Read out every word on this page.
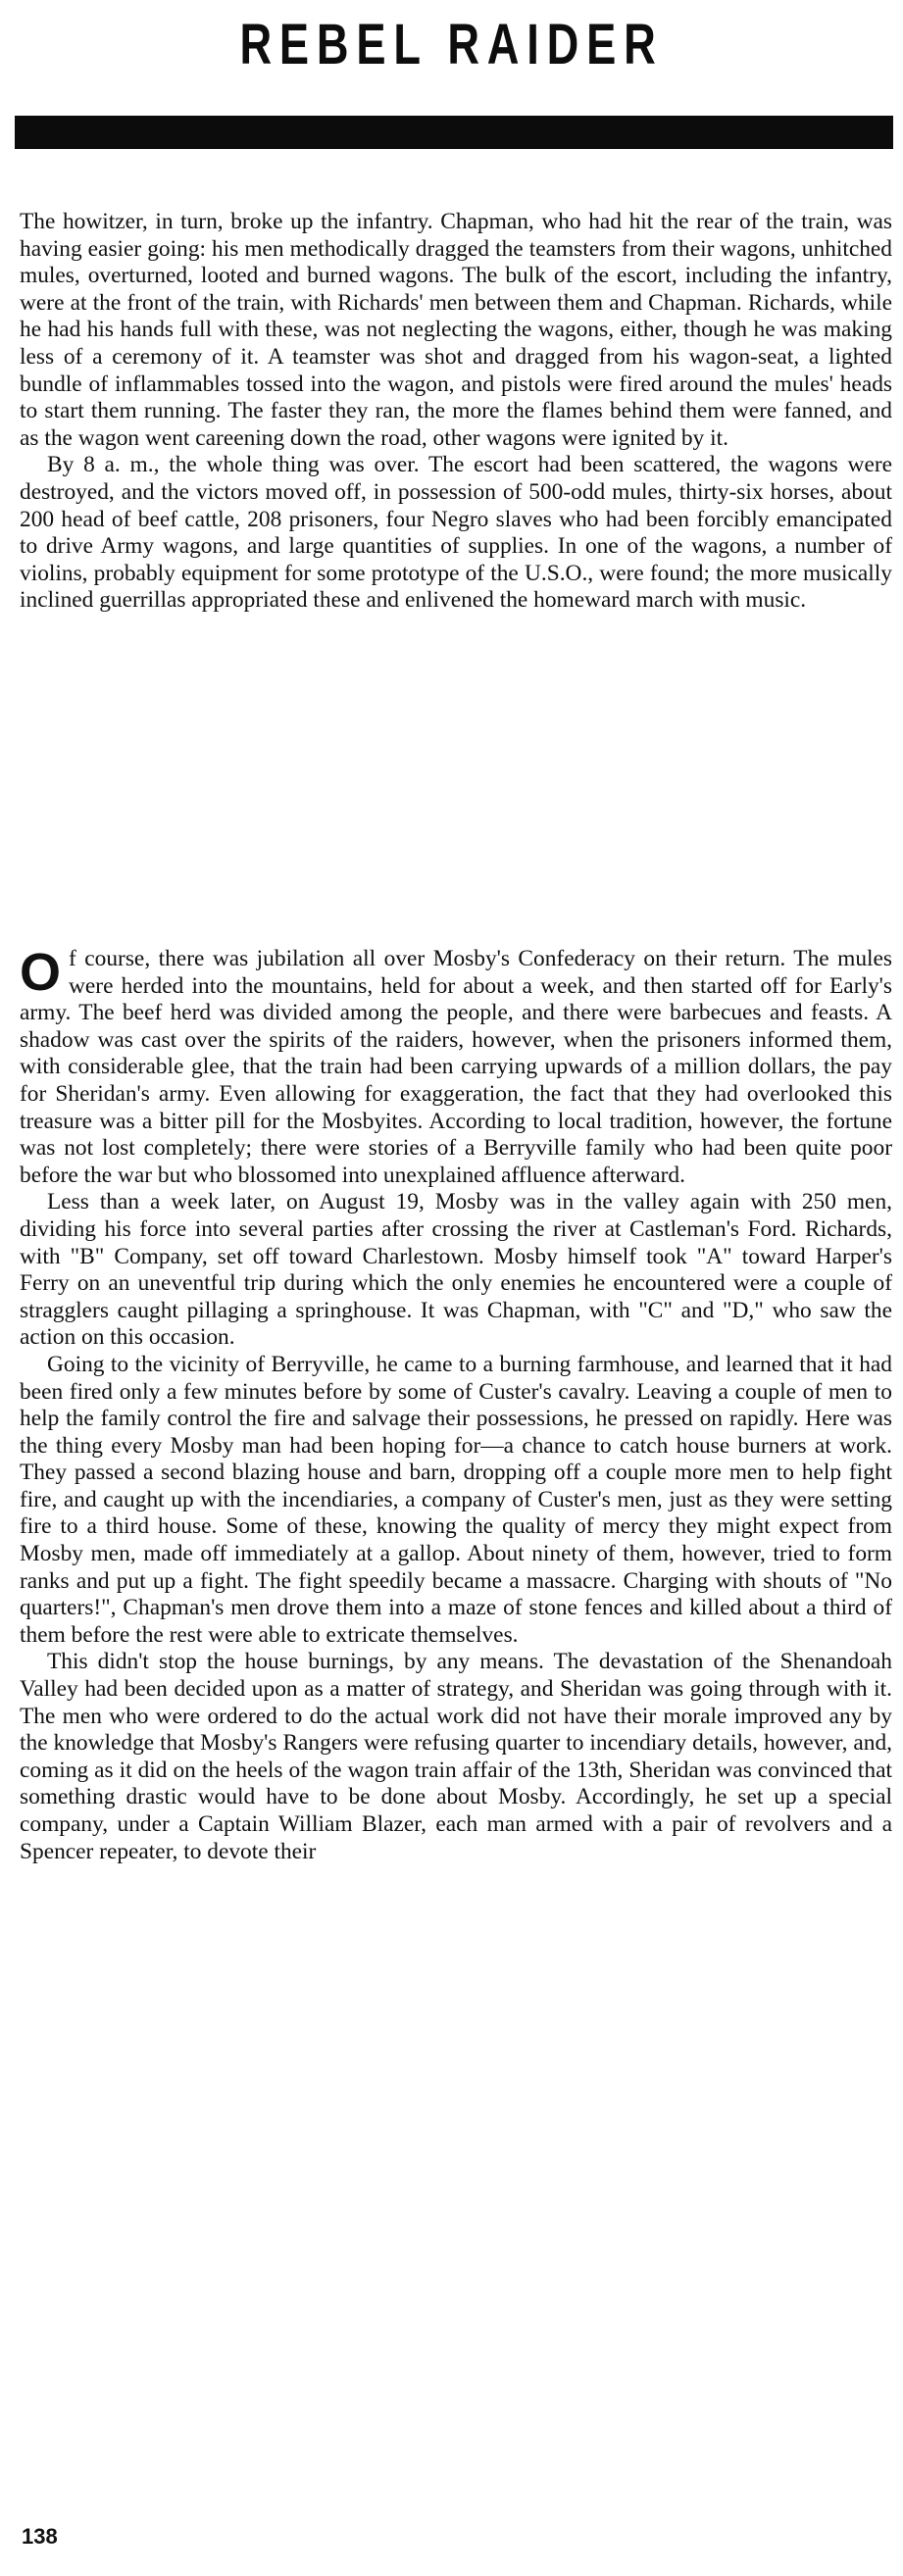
REBEL RAIDER

The howitzer, in turn, broke up the infantry. Chapman, who had hit the rear of the train, was having easier going: his men methodically dragged the teamsters from their wagons, unhitched mules, overturned, looted and burned wagons. The bulk of the escort, including the infantry, were at the front of the train, with Richards' men between them and Chapman. Richards, while he had his hands full with these, was not neglecting the wagons, either, though he was making less of a ceremony of it. A teamster was shot and dragged from his wagon-seat, a lighted bundle of inflammables tossed into the wagon, and pistols were fired around the mules' heads to start them running. The faster they ran, the more the flames behind them were fanned, and as the wagon went careening down the road, other wagons were ignited by it.

By 8 a. m., the whole thing was over. The escort had been scattered, the wagons were destroyed, and the victors moved off, in possession of 500-odd mules, thirty-six horses, about 200 head of beef cattle, 208 prisoners, four Negro slaves who had been forcibly emancipated to drive Army wagons, and large quantities of supplies. In one of the wagons, a number of violins, probably equipment for some prototype of the U.S.O., were found; the more musically inclined guerrillas appropriated these and enlivened the homeward march with music.

Of course, there was jubilation all over Mosby's Confederacy on their return. The mules were herded into the mountains, held for about a week, and then started off for Early's army. The beef herd was divided among the people, and there were barbecues and feasts. A shadow was cast over the spirits of the raiders, however, when the prisoners informed them, with considerable glee, that the train had been carrying upwards of a million dollars, the pay for Sheridan's army. Even allowing for exaggeration, the fact that they had overlooked this treasure was a bitter pill for the Mosbyites. According to local tradition, however, the fortune was not lost completely; there were stories of a Berryville family who had been quite poor before the war but who blossomed into unexplained affluence afterward.

Less than a week later, on August 19, Mosby was in the valley again with 250 men, dividing his force into several parties after crossing the river at Castleman's Ford. Richards, with "B" Company, set off toward Charlestown. Mosby himself took "A" toward Harper's Ferry on an uneventful trip during which the only enemies he encountered were a couple of stragglers caught pillaging a springhouse. It was Chapman, with "C" and "D," who saw the action on this occasion.

Going to the vicinity of Berryville, he came to a burning farmhouse, and learned that it had been fired only a few minutes before by some of Custer's cavalry. Leaving a couple of men to help the family control the fire and salvage their possessions, he pressed on rapidly. Here was the thing every Mosby man had been hoping for—a chance to catch house burners at work. They passed a second blazing house and barn, dropping off a couple more men to help fight fire, and caught up with the incendiaries, a company of Custer's men, just as they were setting fire to a third house. Some of these, knowing the quality of mercy they might expect from Mosby men, made off immediately at a gallop. About ninety of them, however, tried to form ranks and put up a fight. The fight speedily became a massacre. Charging with shouts of "No quarters!", Chapman's men drove them into a maze of stone fences and killed about a third of them before the rest were able to extricate themselves.

This didn't stop the house burnings, by any means. The devastation of the Shenandoah Valley had been decided upon as a matter of strategy, and Sheridan was going through with it. The men who were ordered to do the actual work did not have their morale improved any by the knowledge that Mosby's Rangers were refusing quarter to incendiary details, however, and, coming as it did on the heels of the wagon train affair of the 13th, Sheridan was convinced that something drastic would have to be done about Mosby. Accordingly, he set up a special company, under a Captain William Blazer, each man armed with a pair of revolvers and a Spencer repeater, to devote their

138
